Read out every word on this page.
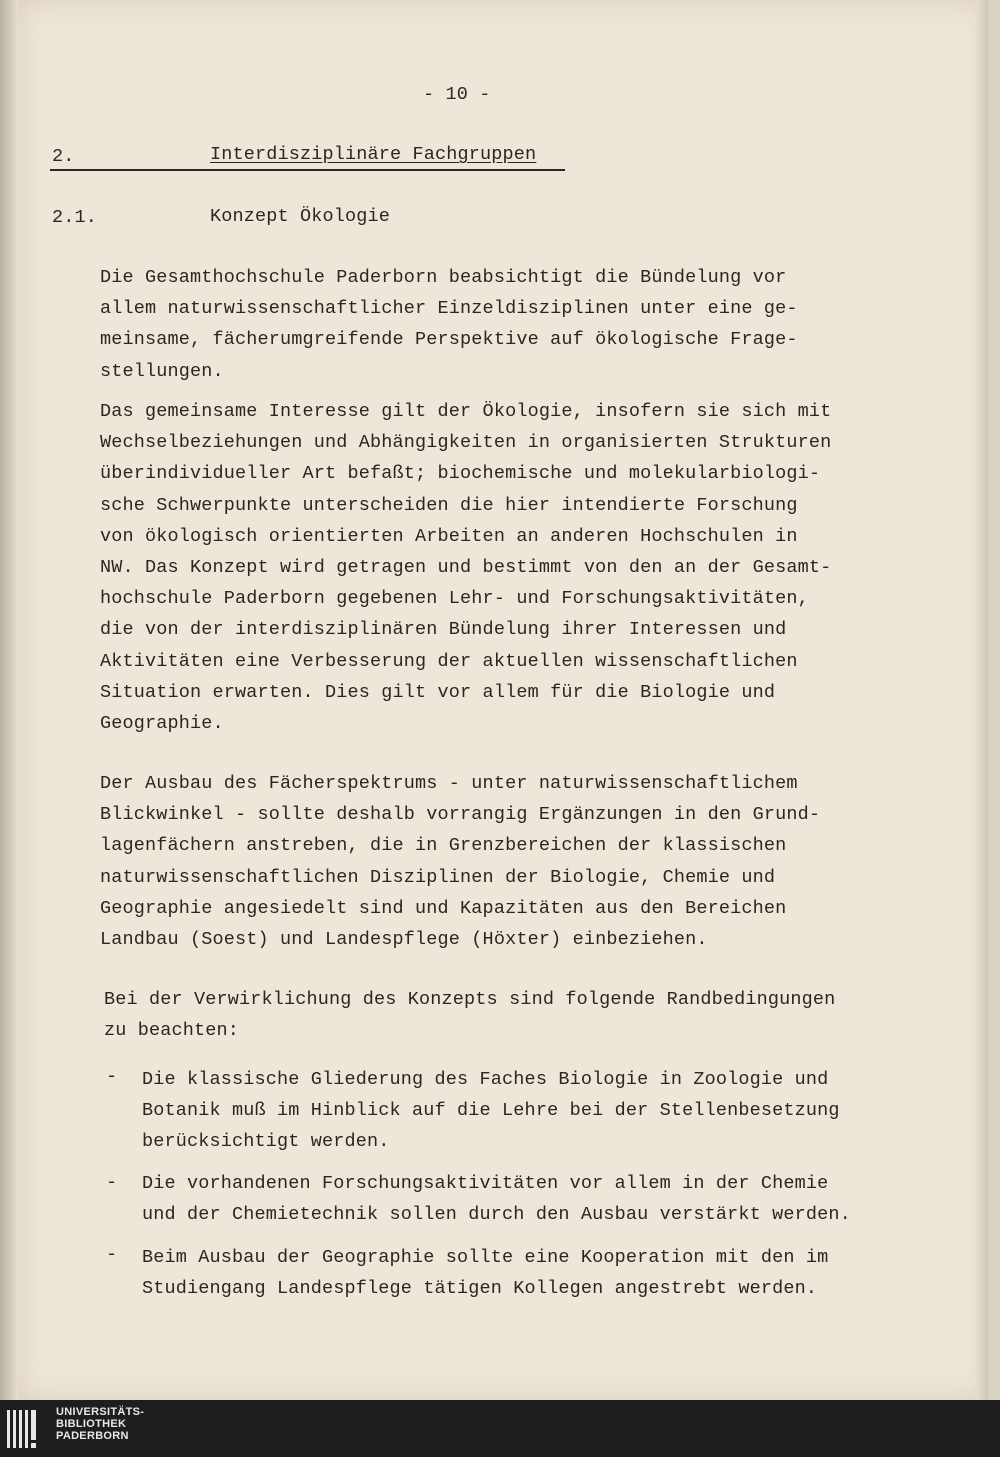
- 10 -
2.	Interdisziplinäre Fachgruppen
2.1.	Konzept Ökologie
Die Gesamthochschule Paderborn beabsichtigt die Bündelung vor
allem naturwissenschaftlicher Einzeldisziplinen unter eine ge-
meinsame, fächerumgreifende Perspektive auf ökologische Frage-
stellungen.
Das gemeinsame Interesse gilt der Ökologie, insofern sie sich mit
Wechselbeziehungen und Abhängigkeiten in organisierten Strukturen
überindividueller Art befaßt; biochemische und molekularbiologi-
sche Schwerpunkte unterscheiden die hier intendierte Forschung
von ökologisch orientierten Arbeiten an anderen Hochschulen in
NW. Das Konzept wird getragen und bestimmt von den an der Gesamt-
hochschule Paderborn gegebenen Lehr- und Forschungsaktivitäten,
die von der interdisziplinären Bündelung ihrer Interessen und
Aktivitäten eine Verbesserung der aktuellen wissenschaftlichen
Situation erwarten. Dies gilt vor allem für die Biologie und
Geographie.
Der Ausbau des Fächerspektrums - unter naturwissenschaftlichem
Blickwinkel - sollte deshalb vorrangig Ergänzungen in den Grund-
lagenfächern anstreben, die in Grenzbereichen der klassischen
naturwissenschaftlichen Disziplinen der Biologie, Chemie und
Geographie angesiedelt sind und Kapazitäten aus den Bereichen
Landbau (Soest) und Landespflege (Höxter) einbeziehen.
Bei der Verwirklichung des Konzepts sind folgende Randbedingungen
zu beachten:
- Die klassische Gliederung des Faches Biologie in Zoologie und
Botanik muß im Hinblick auf die Lehre bei der Stellenbesetzung
berücksichtigt werden.
- Die vorhandenen Forschungsaktivitäten vor allem in der Chemie
und der Chemietechnik sollen durch den Ausbau verstärkt werden.
- Beim Ausbau der Geographie sollte eine Kooperation mit den im
Studiengang Landespflege tätigen Kollegen angestrebt werden.
UNIVERSITÄTS-
BIBLIOTHEK
PADERBORN
